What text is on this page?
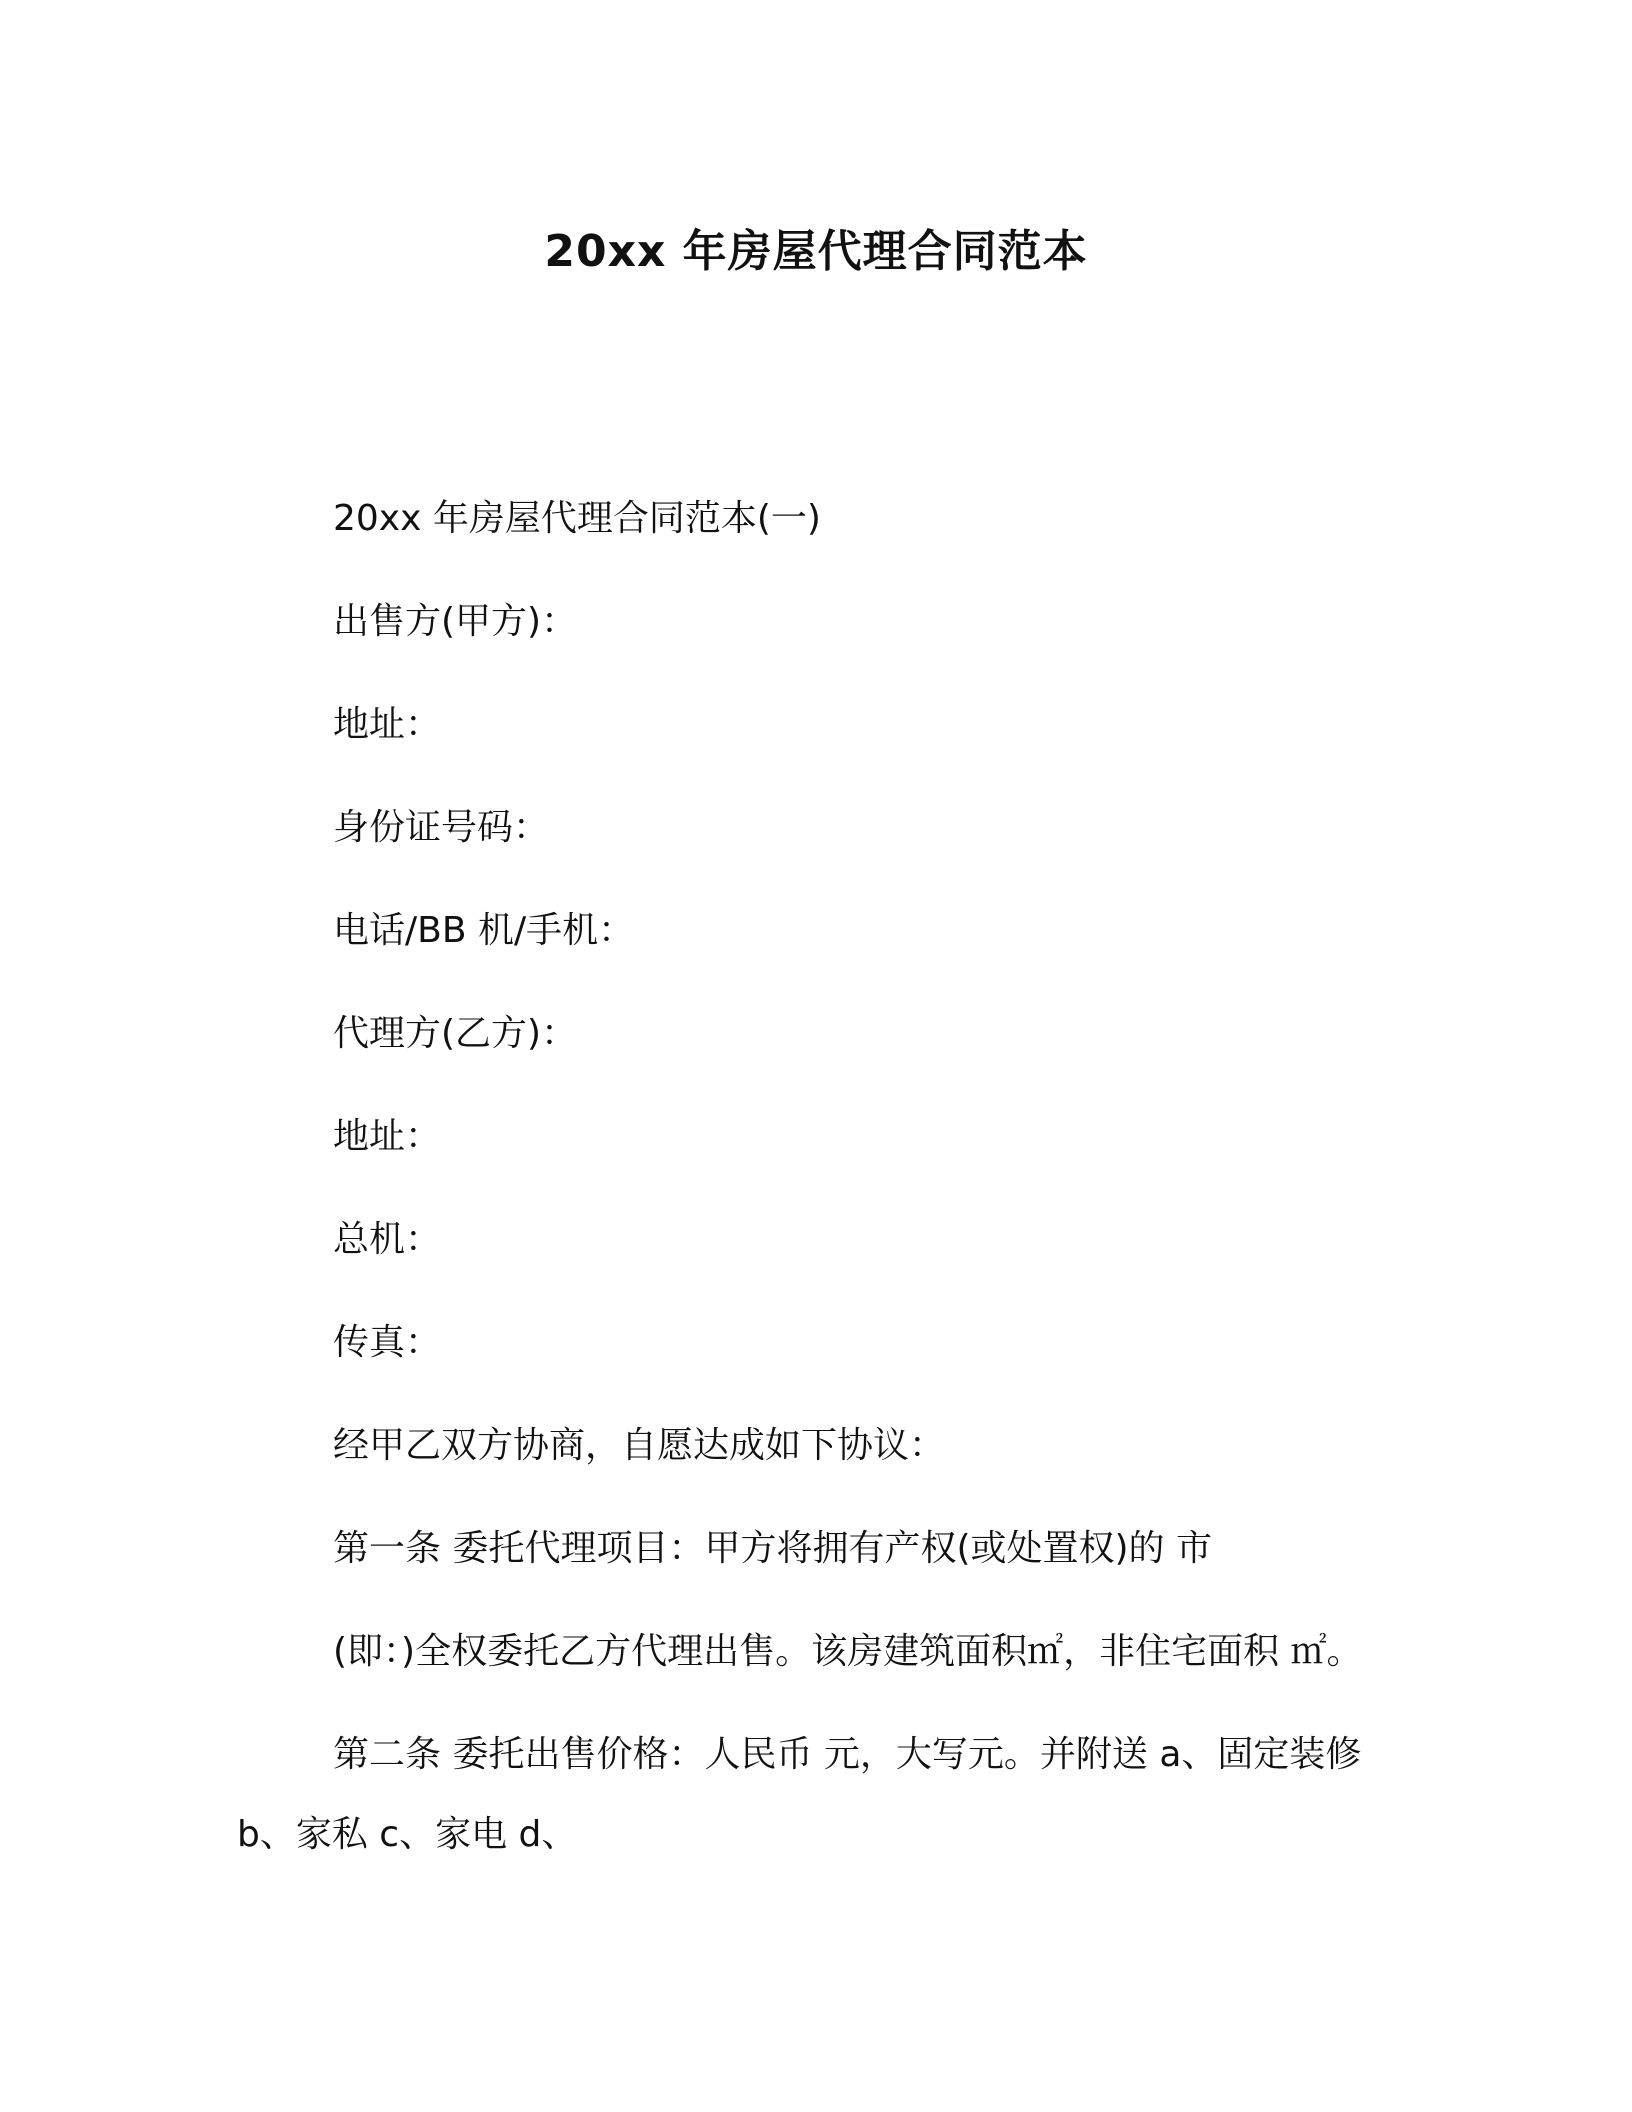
20xx 年房屋代理合同范本
20xx 年房屋代理合同范本(一)
出售方(甲方)：
地址：
身份证号码：
电话/BB 机/手机：
代理方(乙方)：
地址：
总机：
传真：
经甲乙双方协商，自愿达成如下协议：
第一条 委托代理项目：甲方将拥有产权(或处置权)的 市
(即：)全权委托乙方代理出售。该房建筑面积㎡，非住宅面积 ㎡。
第二条 委托出售价格：人民币 元，大写元。并附送 a、固定装修
b、家私 c、家电 d、
